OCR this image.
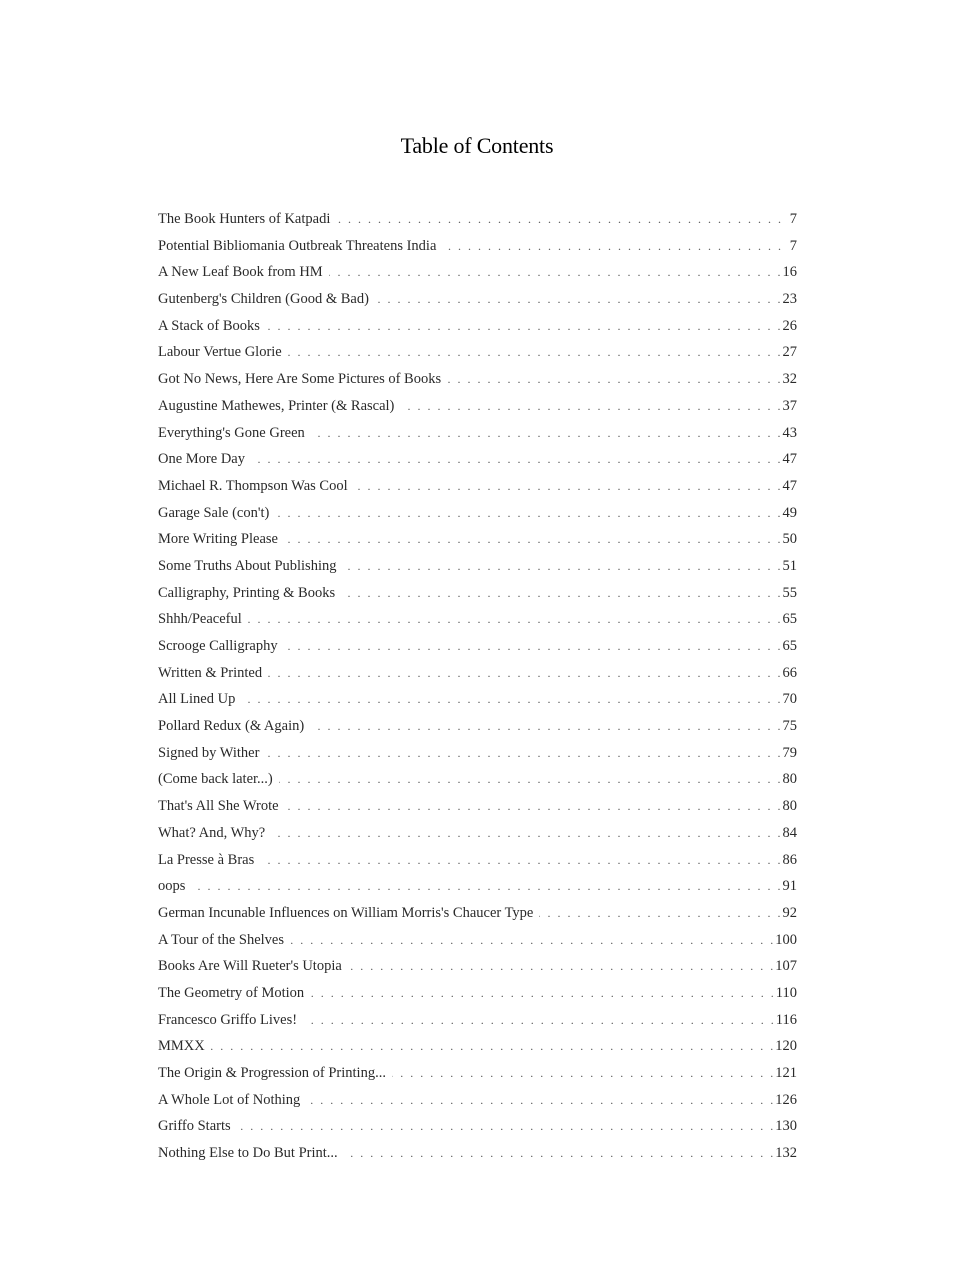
Table of Contents
The Book Hunters of Katpadi . . .	7
Potential Bibliomania Outbreak Threatens India . . .	7
A New Leaf Book from HM . . .	16
Gutenberg's Children (Good & Bad) . . .	23
A Stack of Books . . .	26
Labour Vertue Glorie . . .	27
Got No News, Here Are Some Pictures of Books . . .	32
Augustine Mathewes, Printer (& Rascal) . . .	37
Everything's Gone Green . . .	43
One More Day . . .	47
Michael R. Thompson Was Cool . . .	47
Garage Sale (con't) . . .	49
More Writing Please . . .	50
Some Truths About Publishing . . .	51
Calligraphy, Printing & Books . . .	55
Shhh/Peaceful . . .	65
Scrooge Calligraphy . . .	65
Written & Printed . . .	66
All Lined Up . . .	70
Pollard Redux (& Again) . . .	75
Signed by Wither . . .	79
(Come back later...) . . .	80
That's All She Wrote . . .	80
What? And, Why? . . .	84
La Presse à Bras . . .	86
oops . . .	91
German Incunable Influences on William Morris's Chaucer Type . . .	92
A Tour of the Shelves . . .	100
Books Are Will Rueter's Utopia . . .	107
The Geometry of Motion . . .	110
Francesco Griffo Lives! . . .	116
MMXX . . .	120
The Origin & Progression of Printing... . . .	121
A Whole Lot of Nothing . . .	126
Griffo Starts . . .	130
Nothing Else to Do But Print... . . .	132
